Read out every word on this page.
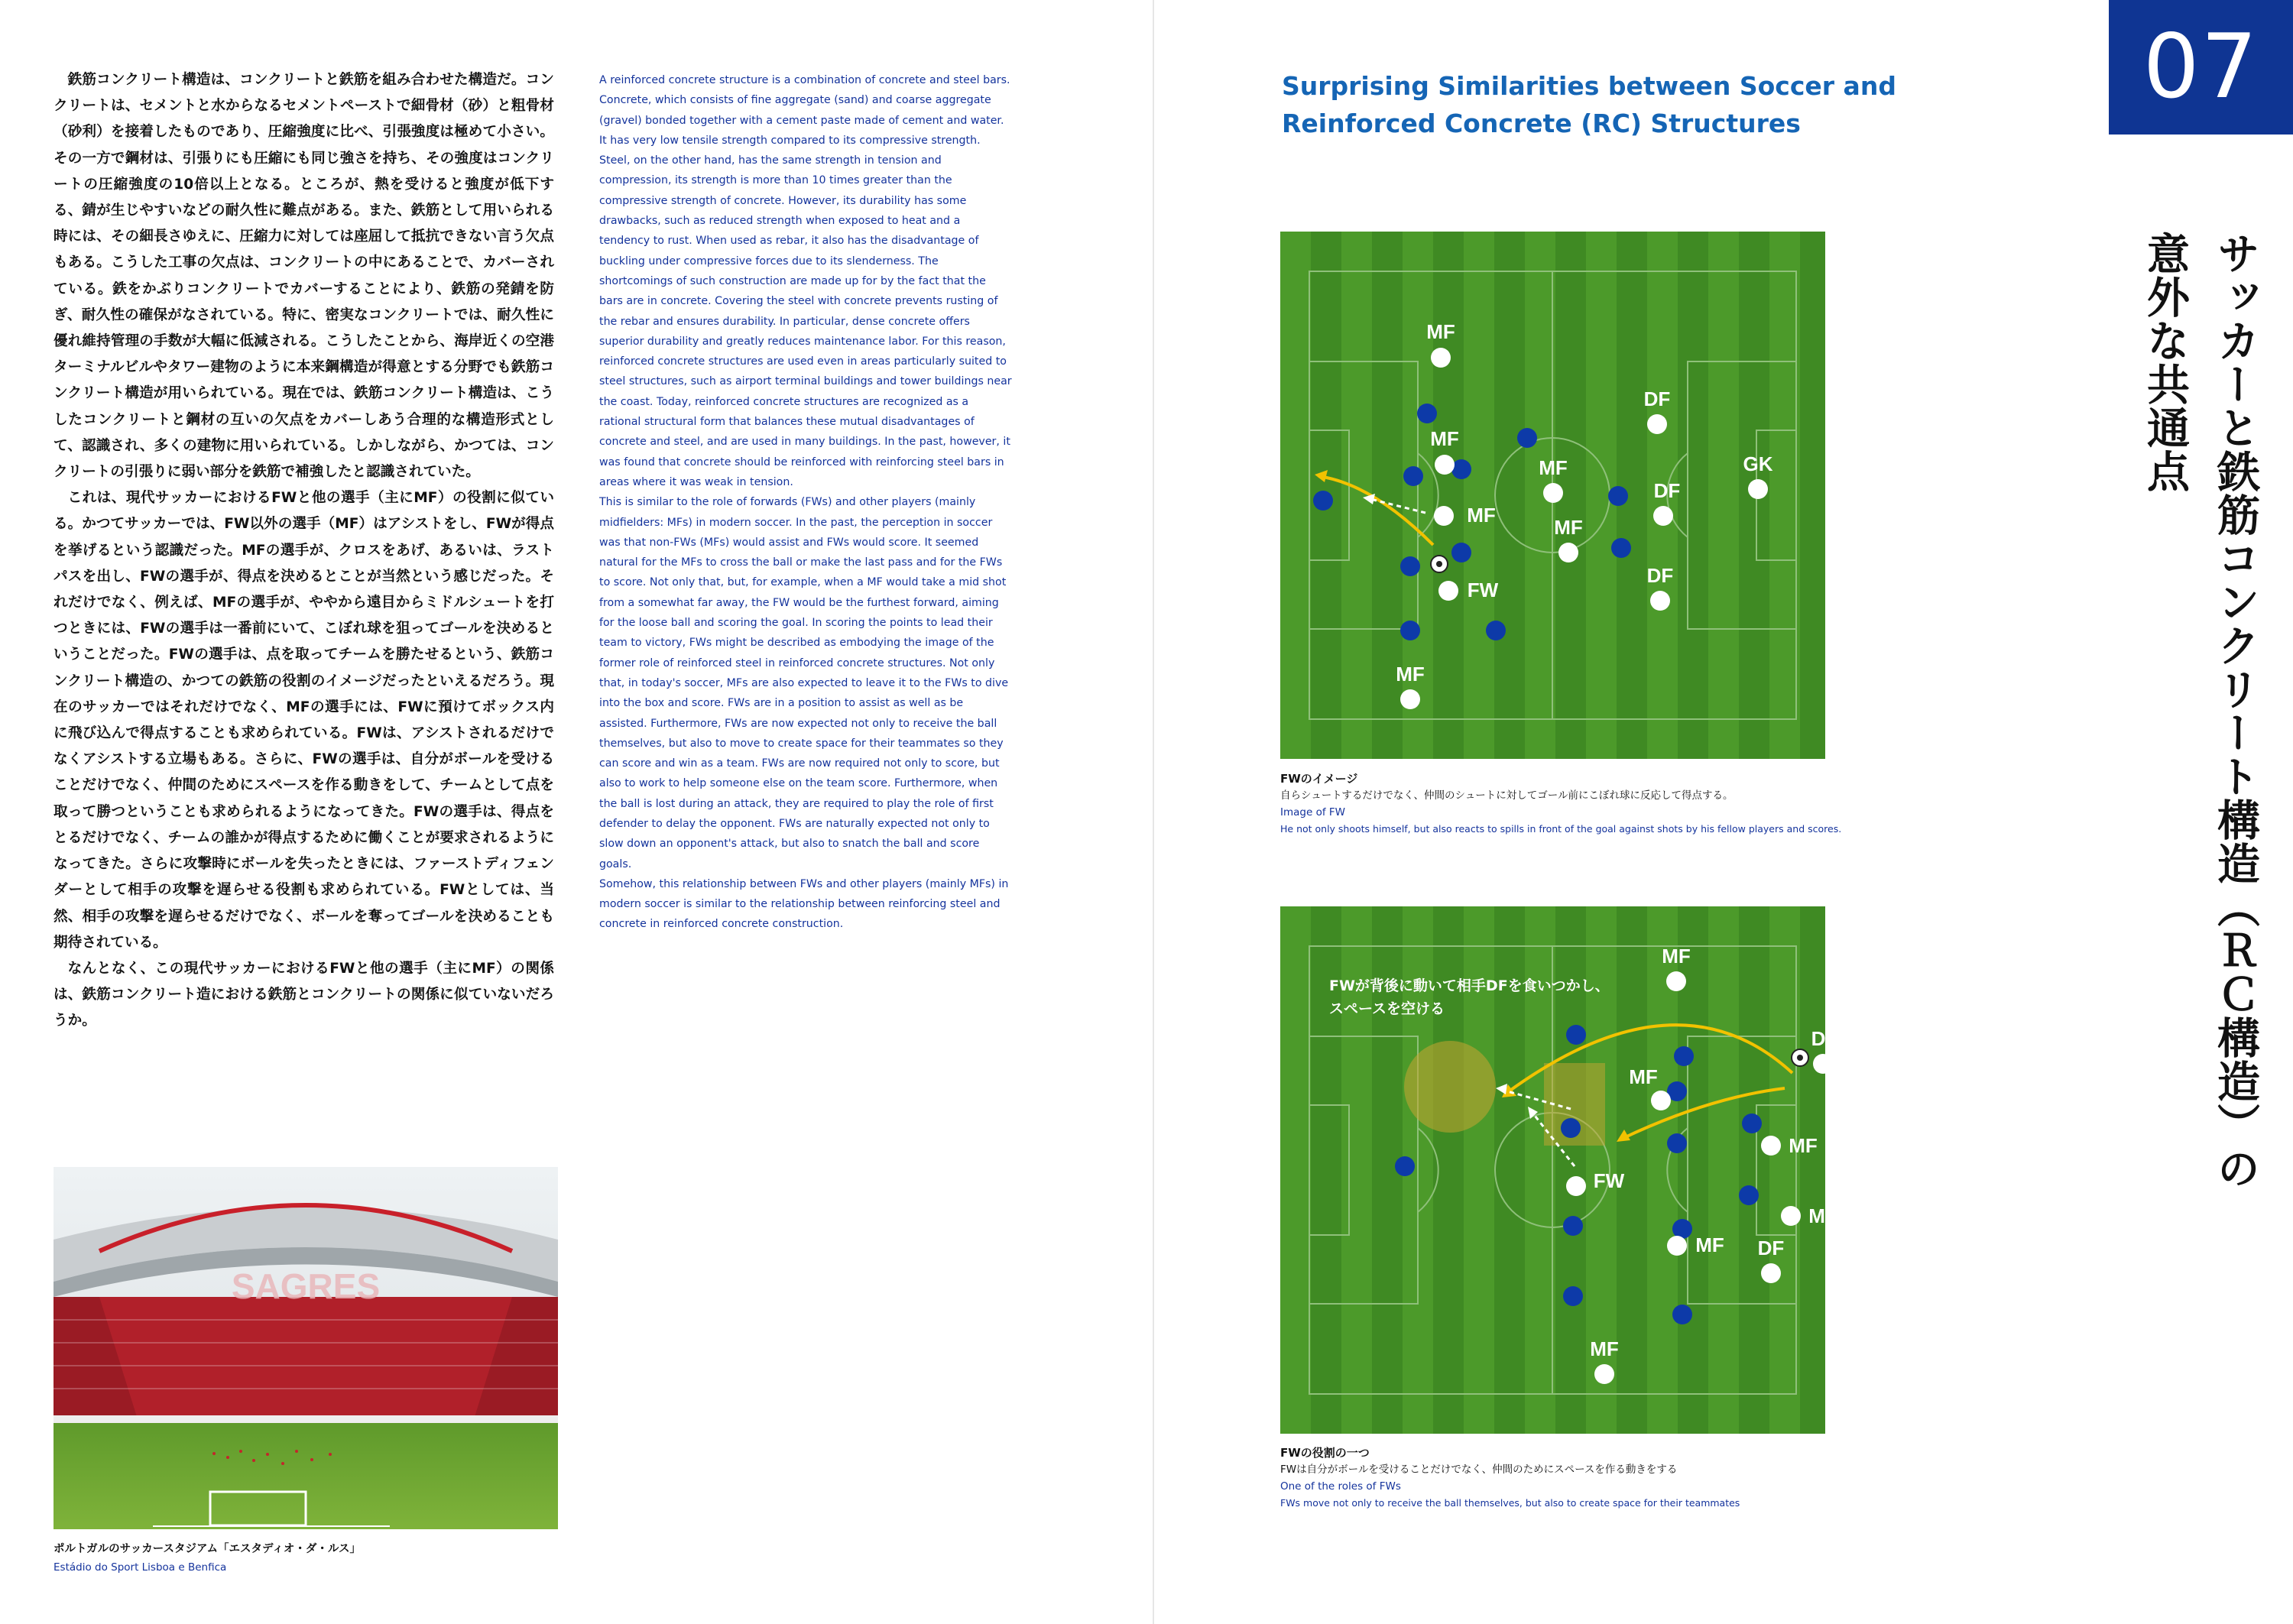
鉄筋コンクリート構造は、コンクリートと鉄筋を組み合わせた構造だ。コンクリートは、セメントと水からなるセメントペーストで細骨材（砂）と粗骨材（砂利）を接着したものであり、圧縮強度に比べ、引張強度は極めて小さい。その一方で鋼材は、引張りにも圧縮にも同じ強さを持ち、その強度はコンクリートの圧縮強度の10倍以上となる。ところが、熱を受けると強度が低下する、錆が生じやすいなどの耐久性に難点がある。また、鉄筋として用いられる時には、その細長さゆえに、圧縮力に対しては座屈して抵抗できない言う欠点もある。こうした工事の欠点は、コンクリートの中にあることで、カバーされている。鉄をかぶりコンクリートでカバーすることにより、鉄筋の発錆を防ぎ、耐久性の確保がなされている。特に、密実なコンクリートでは、耐久性に優れ維持管理の手数が大幅に低減される。こうしたことから、海岸近くの空港ターミナルビルやタワー建物のように本来鋼構造が得意とする分野でも鉄筋コンクリート構造が用いられている。現在では、鉄筋コンクリート構造は、こうしたコンクリートと鋼材の互いの欠点をカバーしあう合理的な構造形式として、認識され、多くの建物に用いられている。しかしながら、かつては、コンクリートの引張りに弱い部分を鉄筋で補強したと認識されていた。

これは、現代サッカーにおけるFWと他の選手（主にMF）の役割に似ている。かつてサッカーでは、FW以外の選手（MF）はアシストをし、FWが得点を挙げるという認識だった。MFの選手が、クロスをあげ、あるいは、ラストパスを出し、FWの選手が、得点を決めるとことが当然という感じだった。それだけでなく、例えば、MFの選手が、ややから遠目からミドルシュートを打つときには、FWの選手は一番前にいて、こぼれ球を狙ってゴールを決めるということだった。FWの選手は、点を取ってチームを勝たせるという、鉄筋コンクリート構造の、かつての鉄筋の役割のイメージだったといえるだろう。現在のサッカーではそれだけでなく、MFの選手には、FWに預けてボックス内に飛び込んで得点することも求められている。FWは、アシストされるだけでなくアシストする立場もある。さらに、FWの選手は、自分がボールを受けることだけでなく、仲間のためにスペースを作る動きをして、チームとして点を取って勝つということも求められるようになってきた。FWの選手は、得点をとるだけでなく、チームの誰かが得点するために働くことが要求されるようになってきた。さらに攻撃時にボールを失ったときには、ファーストディフェンダーとして相手の攻撃を遅らせる役割も求められている。FWとしては、当然、相手の攻撃を遅らせるだけでなく、ボールを奪ってゴールを決めることも期待されている。

なんとなく、この現代サッカーにおけるFWと他の選手（主にMF）の関係は、鉄筋コンクリート造における鉄筋とコンクリートの関係に似ていないだろうか。

A reinforced concrete structure is a combination of concrete and steel bars. Concrete, which consists of fine aggregate (sand) and coarse aggregate (gravel) bonded together with a cement paste made of cement and water. It has very low tensile strength compared to its compressive strength. Steel, on the other hand, has the same strength in tension and compression, its strength is more than 10 times greater than the compressive strength of concrete. However, its durability has some drawbacks, such as reduced strength when exposed to heat and a tendency to rust. When used as rebar, it also has the disadvantage of buckling under compressive forces due to its slenderness. The shortcomings of such construction are made up for by the fact that the bars are in concrete. Covering the steel with concrete prevents rusting of the rebar and ensures durability. In particular, dense concrete offers superior durability and greatly reduces maintenance labor. For this reason, reinforced concrete structures are used even in areas particularly suited to steel structures, such as airport terminal buildings and tower buildings near the coast. Today, reinforced concrete structures are recognized as a rational structural form that balances these mutual disadvantages of concrete and steel, and are used in many buildings. In the past, however, it was found that concrete should be reinforced with reinforcing steel bars in areas where it was weak in tension.

This is similar to the role of forwards (FWs) and other players (mainly midfielders: MFs) in modern soccer. In the past, the perception in soccer was that non-FWs (MFs) would assist and FWs would score. It seemed natural for the MFs to cross the ball or make the last pass and for the FWs to score. Not only that, but, for example, when a MF would take a mid shot from a somewhat far away, the FW would be the furthest forward, aiming for the loose ball and scoring the goal. In scoring the points to lead their team to victory, FWs might be described as embodying the image of the former role of reinforced steel in reinforced concrete structures. Not only that, in today's soccer, MFs are also expected to leave it to the FWs to dive into the box and score. FWs are in a position to assist as well as be assisted. Furthermore, FWs are now expected not only to receive the ball themselves, but also to move to create space for their teammates so they can score and win as a team. FWs are now required not only to score, but also to work to help someone else on the team score. Furthermore, when the ball is lost during an attack, they are required to play the role of first defender to delay the opponent. FWs are naturally expected not only to slow down an opponent's attack, but also to snatch the ball and score goals.

Somehow, this relationship between FWs and other players (mainly MFs) in modern soccer is similar to the relationship between reinforcing steel and concrete in reinforced concrete construction.

SAGRES
ポルトガルのサッカースタジアム「エスタディオ・ダ・ルス」
Estádio do Sport Lisboa e Benfica
07
サッカーと鉄筋コンクリート構造（ＲＣ構造）の意外な共通点
Surprising Similarities between Soccer and
Reinforced Concrete (RC) Structures
MF
MF
MF
MF
MF
FW
MF
DF
DF
DF
GK
FWのイメージ
自らシュートするだけでなく、仲間のシュートに対してゴール前にこぼれ球に反応して得点する。
Image of FW
He not only shoots himself, but also reacts to spills in front of the goal against shots by his fellow players and scores.
FWが背後に動いて相手DFを食いつかし、 スペースを空ける
MF
DF
MF
FW
MF
MF
MF
DF
DF
GK
MF
FWの役割の一つ
FWは自分がボールを受けることだけでなく、仲間のためにスペースを作る動きをする
One of the roles of FWs
FWs move not only to receive the ball themselves, but also to create space for their teammates
